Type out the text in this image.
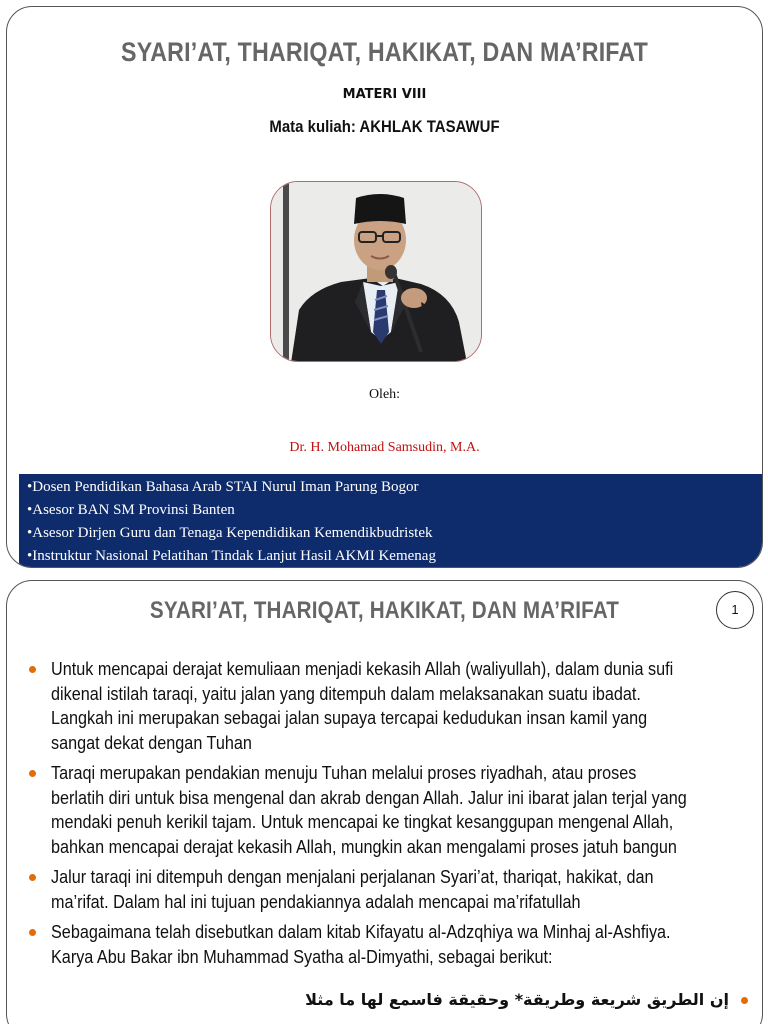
SYARI’AT, THARIQAT, HAKIKAT, DAN MA’RIFAT
MATERI VIII
Mata kuliah: AKHLAK TASAWUF
Oleh:
Dr. H. Mohamad Samsudin, M.A.
•Dosen Pendidikan Bahasa Arab STAI Nurul Iman Parung Bogor
•Asesor BAN SM Provinsi Banten
•Asesor Dirjen Guru dan Tenaga Kependidikan Kemendikbudristek
•Instruktur Nasional Pelatihan Tindak Lanjut Hasil AKMI Kemenag
SYARI’AT, THARIQAT, HAKIKAT, DAN MA’RIFAT	1
Untuk mencapai derajat kemuliaan menjadi kekasih Allah (waliyullah), dalam dunia sufi
dikenal istilah taraqi, yaitu jalan yang ditempuh dalam melaksanakan suatu ibadat.
Langkah ini merupakan sebagai jalan supaya tercapai kedudukan insan kamil yang
sangat dekat dengan Tuhan
Taraqi merupakan pendakian menuju Tuhan melalui proses riyadhah, atau proses
berlatih diri untuk bisa mengenal dan akrab dengan Allah. Jalur ini ibarat jalan terjal yang
mendaki penuh kerikil tajam. Untuk mencapai ke tingkat kesanggupan mengenal Allah,
bahkan mencapai derajat kekasih Allah, mungkin akan mengalami proses jatuh bangun
Jalur taraqi ini ditempuh dengan menjalani perjalanan Syari’at, thariqat, hakikat, dan
ma’rifat. Dalam hal ini tujuan pendakiannya adalah mencapai ma’rifatullah
Sebagaimana telah disebutkan dalam kitab Kifayatu al-Adzqhiya wa Minhaj al-Ashfiya.
Karya Abu Bakar ibn Muhammad Syatha al-Dimyathi, sebagai berikut:
إن الطريق شريعة وطريقة* وحقيقة فاسمع لها ما مثلا
